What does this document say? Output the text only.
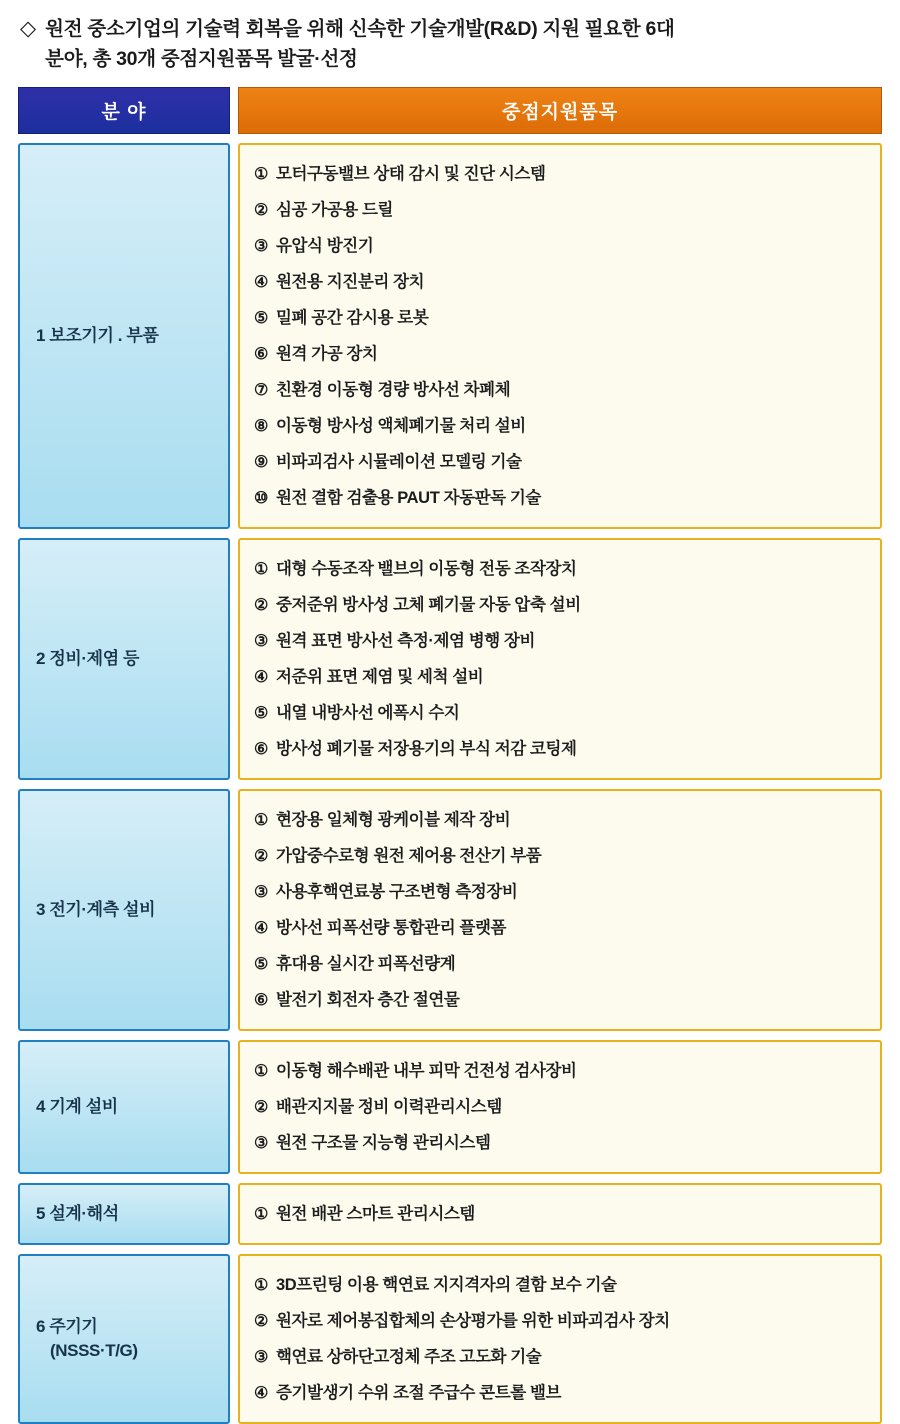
◇ 원전 중소기업의 기술력 회복을 위해 신속한 기술개발(R&D) 지원 필요한 6대
분야, 총 30개 중점지원품목 발굴·선정
분 야	중점지원품목
1 보조기기 . 부품
① 모터구동밸브 상태 감시 및 진단 시스템
② 심공 가공용 드릴
③ 유압식 방진기
④ 원전용 지진분리 장치
⑤ 밀폐 공간 감시용 로봇
⑥ 원격 가공 장치
⑦ 친환경 이동형 경량 방사선 차폐체
⑧ 이동형 방사성 액체폐기물 처리 설비
⑨ 비파괴검사 시뮬레이션 모델링 기술
⑩ 원전 결함 검출용 PAUT 자동판독 기술
2 정비·제염 등
① 대형 수동조작 밸브의 이동형 전동 조작장치
② 중저준위 방사성 고체 폐기물 자동 압축 설비
③ 원격 표면 방사선 측정·제염 병행 장비
④ 저준위 표면 제염 및 세척 설비
⑤ 내열 내방사선 에폭시 수지
⑥ 방사성 폐기물 저장용기의 부식 저감 코팅제
3 전기·계측 설비
① 현장용 일체형 광케이블 제작 장비
② 가압중수로형 원전 제어용 전산기 부품
③ 사용후핵연료봉 구조변형 측정장비
④ 방사선 피폭선량 통합관리 플랫폼
⑤ 휴대용 실시간 피폭선량계
⑥ 발전기 회전자 층간 절연물
4 기계 설비
① 이동형 해수배관 내부 피막 건전성 검사장비
② 배관지지물 정비 이력관리시스템
③ 원전 구조물 지능형 관리시스템
5 설계·해석	① 원전 배관 스마트 관리시스템
6 주기기
(NSSS·T/G)
① 3D프린팅 이용 핵연료 지지격자의 결함 보수 기술
② 원자로 제어봉집합체의 손상평가를 위한 비파괴검사 장치
③ 핵연료 상하단고정체 주조 고도화 기술
④ 증기발생기 수위 조절 주급수 콘트롤 밸브
